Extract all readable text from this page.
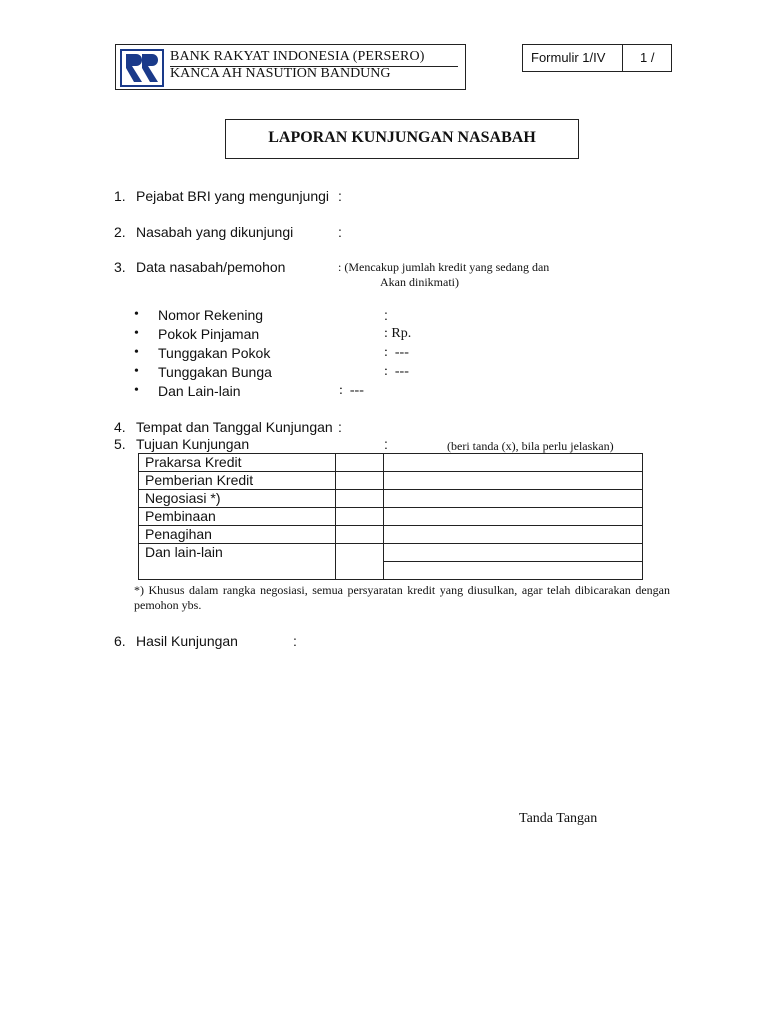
BANK RAKYAT INDONESIA (PERSERO)
KANCA AH NASUTION BANDUNG
Formulir 1/IV	1 /
LAPORAN KUNJUNGAN NASABAH
1. Pejabat BRI yang mengunjungi :
2. Nasabah yang dikunjungi	:
3. Data nasabah/pemohon	: (Mencakup jumlah kredit yang sedang dan
Akan dinikmati)
• Nomor Rekening	:
• Pokok Pinjaman	: Rp.
• Tunggakan Pokok	:  ---
• Tunggakan Bunga	:  ---
• Dan Lain-lain	:  ---
4. Tempat dan Tanggal Kunjungan :
5. Tujuan Kunjungan	:	(beri tanda (x), bila perlu jelaskan)
Prakarsa Kredit		
Pemberian Kredit		
Negosiasi *)		
Pembinaan		
Penagihan		
Dan lain-lain		

*) Khusus dalam rangka negosiasi, semua persyaratan kredit yang diusulkan, agar telah dibicarakan dengan pemohon ybs.
6. Hasil Kunjungan	:
Tanda Tangan
